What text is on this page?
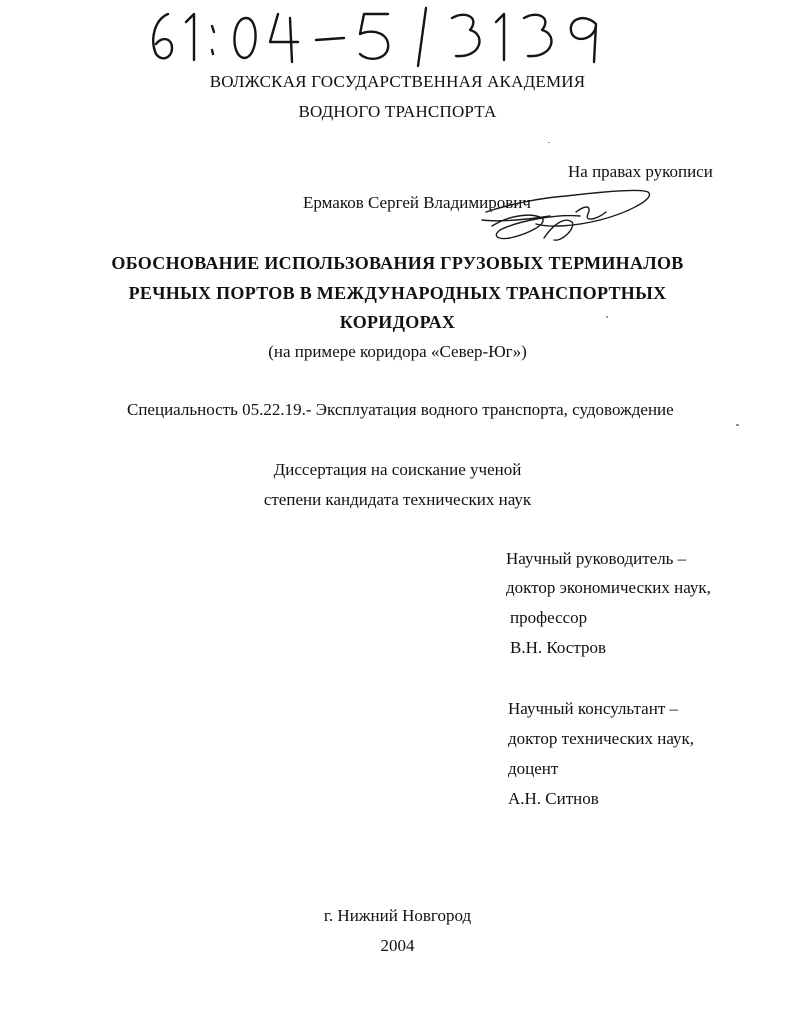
ВОЛЖСКАЯ ГОСУДАРСТВЕННАЯ АКАДЕМИЯ
ВОДНОГО ТРАНСПОРТА
На правах рукописи
Ермаков Сергей Владимирович
ОБОСНОВАНИЕ ИСПОЛЬЗОВАНИЯ ГРУЗОВЫХ ТЕРМИНАЛОВ
РЕЧНЫХ ПОРТОВ В МЕЖДУНАРОДНЫХ ТРАНСПОРТНЫХ
КОРИДОРАХ
(на примере коридора «Север-Юг»)
Специальность 05.22.19.- Эксплуатация водного транспорта, судовождение
Диссертация на соискание ученой
степени кандидата технических наук
Научный руководитель –
доктор экономических наук,
профессор
В.Н. Костров
Научный консультант –
доктор технических наук,
доцент
А.Н. Ситнов
г. Нижний Новгород
2004
